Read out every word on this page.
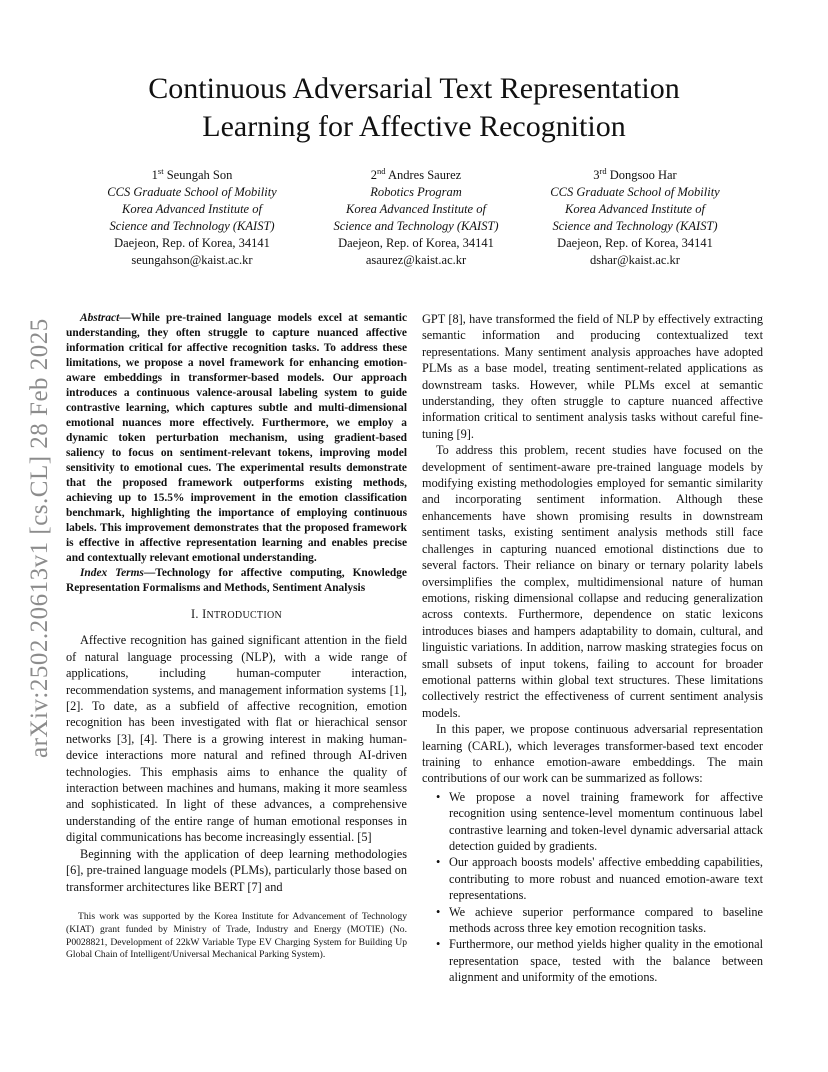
arXiv:2502.20613v1 [cs.CL] 28 Feb 2025
Continuous Adversarial Text Representation
Learning for Affective Recognition
1st Seungah Son
CCS Graduate School of Mobility
Korea Advanced Institute of
Science and Technology (KAIST)
Daejeon, Rep. of Korea, 34141
seungahson@kaist.ac.kr
2nd Andres Saurez
Robotics Program
Korea Advanced Institute of
Science and Technology (KAIST)
Daejeon, Rep. of Korea, 34141
asaurez@kaist.ac.kr
3rd Dongsoo Har
CCS Graduate School of Mobility
Korea Advanced Institute of
Science and Technology (KAIST)
Daejeon, Rep. of Korea, 34141
dshar@kaist.ac.kr

Abstract—While pre-trained language models excel at semantic understanding, they often struggle to capture nuanced affective information critical for affective recognition tasks. To address these limitations, we propose a novel framework for enhancing emotion-aware embeddings in transformer-based models. Our approach introduces a continuous valence-arousal labeling system to guide contrastive learning, which captures subtle and multi-dimensional emotional nuances more effectively. Furthermore, we employ a dynamic token perturbation mechanism, using gradient-based saliency to focus on sentiment-relevant tokens, improving model sensitivity to emotional cues. The experimental results demonstrate that the proposed framework outperforms existing methods, achieving up to 15.5% improvement in the emotion classification benchmark, highlighting the importance of employing continuous labels. This improvement demonstrates that the proposed framework is effective in affective representation learning and enables precise and contextually relevant emotional understanding.

Index Terms—Technology for affective computing, Knowledge Representation Formalisms and Methods, Sentiment Analysis

I. INTRODUCTION

Affective recognition has gained significant attention in the field of natural language processing (NLP), with a wide range of applications, including human-computer interaction, recommendation systems, and management information systems [1], [2]. To date, as a subfield of affective recognition, emotion recognition has been investigated with flat or hierachical sensor networks [3], [4]. There is a growing interest in making human-device interactions more natural and refined through AI-driven technologies. This emphasis aims to enhance the quality of interaction between machines and humans, making it more seamless and sophisticated. In light of these advances, a comprehensive understanding of the entire range of human emotional responses in digital communications has become increasingly essential. [5]

Beginning with the application of deep learning methodologies [6], pre-trained language models (PLMs), particularly those based on transformer architectures like BERT [7] and

This work was supported by the Korea Institute for Advancement of Technology (KIAT) grant funded by Ministry of Trade, Industry and Energy (MOTIE) (No. P0028821, Development of 22kW Variable Type EV Charging System for Building Up Global Chain of Intelligent/Universal Mechanical Parking System).

GPT [8], have transformed the field of NLP by effectively extracting semantic information and producing contextualized text representations. Many sentiment analysis approaches have adopted PLMs as a base model, treating sentiment-related applications as downstream tasks. However, while PLMs excel at semantic understanding, they often struggle to capture nuanced affective information critical to sentiment analysis tasks without careful fine-tuning [9].

To address this problem, recent studies have focused on the development of sentiment-aware pre-trained language models by modifying existing methodologies employed for semantic similarity and incorporating sentiment information. Although these enhancements have shown promising results in downstream sentiment tasks, existing sentiment analysis methods still face challenges in capturing nuanced emotional distinctions due to several factors. Their reliance on binary or ternary polarity labels oversimplifies the complex, multidimensional nature of human emotions, risking dimensional collapse and reducing generalization across contexts. Furthermore, dependence on static lexicons introduces biases and hampers adaptability to domain, cultural, and linguistic variations. In addition, narrow masking strategies focus on small subsets of input tokens, failing to account for broader emotional patterns within global text structures. These limitations collectively restrict the effectiveness of current sentiment analysis models.

In this paper, we propose continuous adversarial representation learning (CARL), which leverages transformer-based text encoder training to enhance emotion-aware embeddings. The main contributions of our work can be summarized as follows:

• We propose a novel training framework for affective recognition using sentence-level momentum continuous label contrastive learning and token-level dynamic adversarial attack detection guided by gradients.
• Our approach boosts models' affective embedding capabilities, contributing to more robust and nuanced emotion-aware text representations.
• We achieve superior performance compared to baseline methods across three key emotion recognition tasks.
• Furthermore, our method yields higher quality in the emotional representation space, tested with the balance between alignment and uniformity of the emotions.
